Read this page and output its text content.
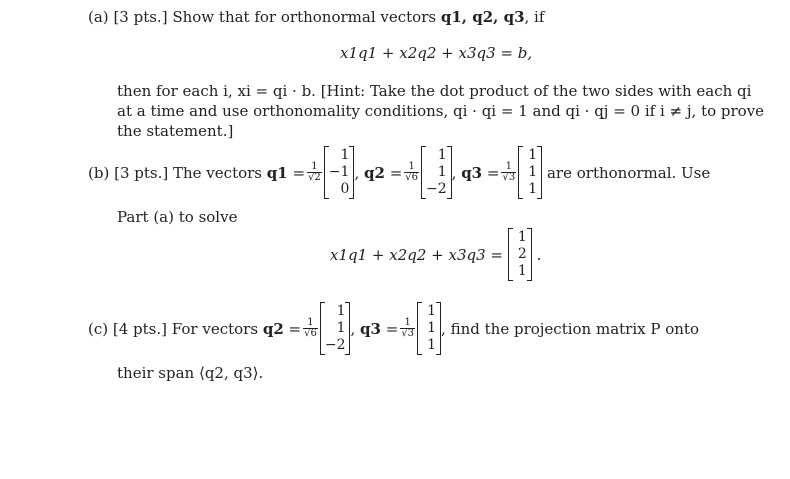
(a) [3 pts.] Show that for orthonormal vectors q1, q2, q3, if
x1q1 + x2q2 + x3q3 = b,
then for each i, xi = qi · b. [Hint: Take the dot product of the two sides with each qi
at a time and use orthonomality conditions, qi · qi = 1 and qi · qj = 0 if i ≠ j, to prove
the statement.]
(b)
[3 pts.]
The vectors
$q1 = \frac{1}{√2}$
1
−1
0
, $q2 = \frac{1}{√6}$
1
1
−2
, $q3 = \frac{1}{√3}$
1
1
1

are orthonormal. Use
Part (a) to solve
x1q1 + x2q2 + x3q3 =

1
2
1

.
(c)
[4 pts.]
For vectors
$q2 = \frac{1}{√6}$
1
1
−2
, $q3 = \frac{1}{√3}$
1
1
1
, find the projection matrix P onto
their span ⟨q2, q3⟩.
